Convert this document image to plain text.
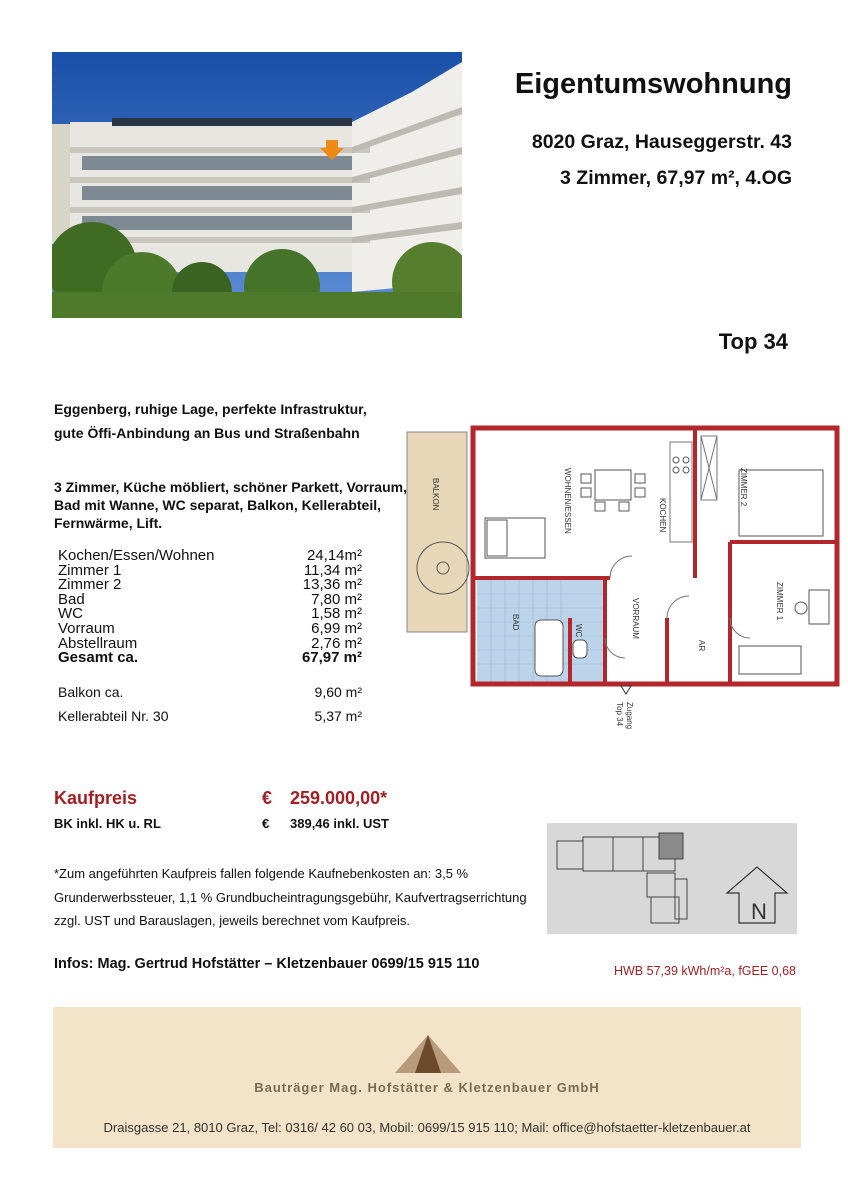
Eigentumswohnung
8020 Graz, Hauseggerstr. 43
3 Zimmer, 67,97 m², 4.OG
Top 34
Eggenberg, ruhige Lage, perfekte Infrastruktur,
gute Öffi-Anbindung an Bus und Straßenbahn
3 Zimmer, Küche möbliert, schöner Parkett, Vorraum, Bad mit Wanne, WC separat, Balkon, Kellerabteil, Fernwärme, Lift.
Kochen/Essen/Wohnen	24,14m²
Zimmer 1	11,34 m²
Zimmer 2	13,36 m²
Bad	7,80 m²
WC	1,58 m²
Vorraum	6,99 m²
Abstellraum	2,76 m²
Gesamt ca.	67,97 m²
Balkon ca.	9,60 m²
Kellerabteil Nr. 30	5,37 m²
BALKON	WOHNEN/ESSEN	KOCHEN
ZIMMER 2
ZIMMER 1
BAD
WC	VORRAUM
AR
Zugang
Top 34
Kaufpreis	€ 259.000,00*
BK inkl. HK u. RL	€ 389,46 inkl. UST
*Zum angeführten Kaufpreis fallen folgende Kaufnebenkosten an: 3,5 % Grunderwerbssteuer, 1,1 % Grundbucheintragungsgebühr, Kaufvertragserrichtung zzgl. UST und Barauslagen, jeweils berechnet vom Kaufpreis.
Infos: Mag. Gertrud Hofstätter – Kletzenbauer 0699/15 915 110	HWB 57,39 kWh/m²a, fGEE 0,68
N
Bauträger Mag. Hofstätter & Kletzenbauer GmbH
Draisgasse 21, 8010 Graz, Tel: 0316/ 42 60 03, Mobil: 0699/15 915 110; Mail: office@hofstaetter-kletzenbauer.at
